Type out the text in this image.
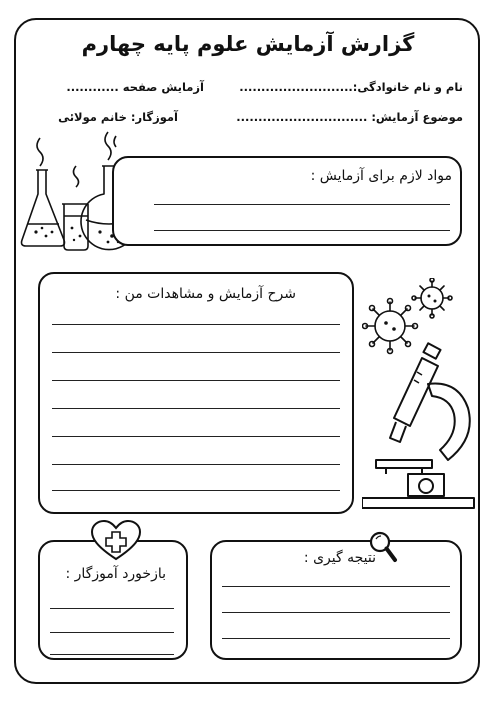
گزارش آزمایش علوم پایه چهارم
نام و نام خانوادگی:..........................
آزمایش صفحه ............
موضوع آزمایش: ..............................
آموزگار: خانم مولائی
مواد لازم برای آزمایش :
شرح آزمایش و مشاهدات من :
بازخورد آموزگار :
نتیجه گیری :
